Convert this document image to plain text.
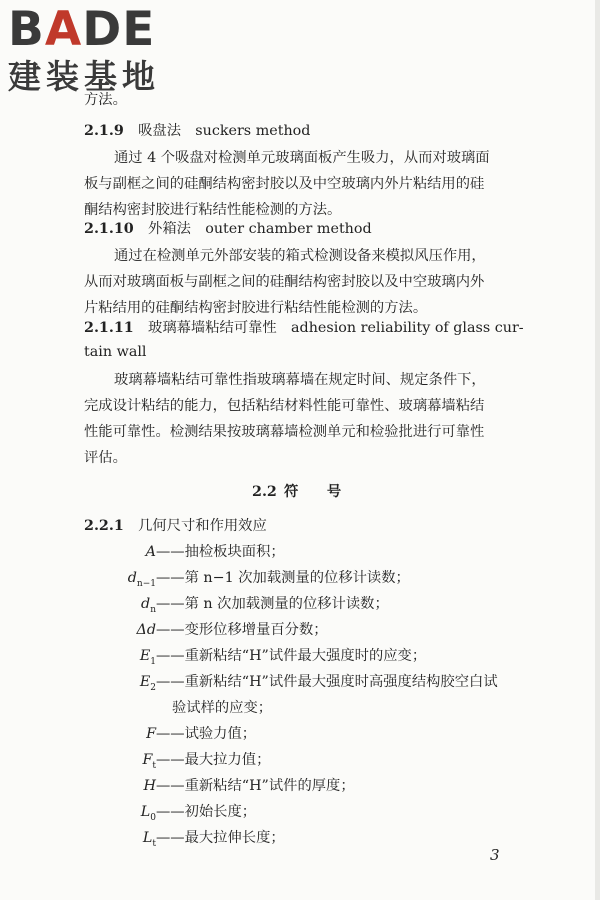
BADE
建装基地
方法。
2.1.9  吸盘法  suckers method
通过 4 个吸盘对检测单元玻璃面板产生吸力，从而对玻璃面
板与副框之间的硅酮结构密封胶以及中空玻璃内外片粘结用的硅
酮结构密封胶进行粘结性能检测的方法。
2.1.10  外箱法  outer chamber method
通过在检测单元外部安装的箱式检测设备来模拟风压作用，
从而对玻璃面板与副框之间的硅酮结构密封胶以及中空玻璃内外
片粘结用的硅酮结构密封胶进行粘结性能检测的方法。
2.1.11  玻璃幕墙粘结可靠性  adhesion reliability of glass cur-
tain wall
玻璃幕墙粘结可靠性指玻璃幕墙在规定时间、规定条件下，
完成设计粘结的能力，包括粘结材料性能可靠性、玻璃幕墙粘结
性能可靠性。检测结果按玻璃幕墙检测单元和检验批进行可靠性
评估。
2.2  符　　号
2.2.1  几何尺寸和作用效应
A ——抽检板块面积；
$d_{n-1}$ ——第 n−1 次加载测量的位移计读数；
$d_n$ ——第 n 次加载测量的位移计读数；
Δd ——变形位移增量百分数；
$E_1$ ——重新粘结“H”试件最大强度时的应变；
$E_2$ ——重新粘结“H”试件最大强度时高强度结构胶空白试
验试样的应变；
F ——试验力值；
$F_t$ ——最大拉力值；
H ——重新粘结“H”试件的厚度；
$L_0$ ——初始长度；
$L_t$ ——最大拉伸长度；
3
